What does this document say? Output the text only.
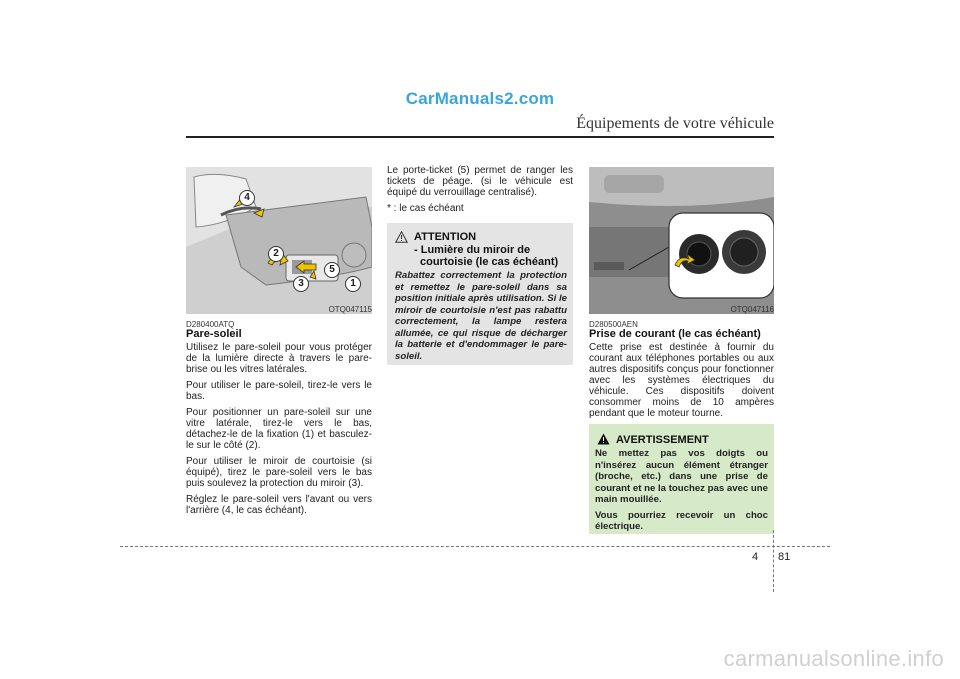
CarManuals2.com
Équipements de votre véhicule
4
2
5
3	1
OTQ047115
D280400ATQ
Pare-soleil

Utilisez le pare-soleil pour vous protéger de la lumière directe à travers le pare-brise ou les vitres latérales.

Pour utiliser le pare-soleil, tirez-le vers le bas.

Pour positionner un pare-soleil sur une vitre latérale, tirez-le vers le bas, détachez-le de la fixation (1) et basculez-le sur le côté (2).

Pour utiliser le miroir de courtoisie (si équipé), tirez le pare-soleil vers le bas puis soulevez la protection du miroir (3).

Réglez le pare-soleil vers l'avant ou vers l'arrière (4, le cas échéant).

Le porte-ticket (5) permet de ranger les tickets de péage. (si le véhicule est équipé du verrouillage centralisé).

* : le cas échéant

ATTENTION
- Lumière du miroir de
courtoisie (le cas échéant)
Rabattez correctement la protection et remettez le pare-soleil dans sa position initiale après utilisation. Si le miroir de courtoisie n'est pas rabattu correctement, la lampe restera allumée, ce qui risque de décharger la batterie et d'endommager le pare-soleil.
OTQ047116
D280500AEN
Prise de courant (le cas échéant)

Cette prise est destinée à fournir du courant aux téléphones portables ou aux autres dispositifs conçus pour fonctionner avec les systèmes électriques du véhicule. Ces dispositifs doivent consommer moins de 10 ampères pendant que le moteur tourne.

AVERTISSEMENT

Ne mettez pas vos doigts ou n'insérez aucun élément étranger (broche, etc.) dans une prise de courant et ne la touchez pas avec une main mouillée.

Vous pourriez recevoir un choc électrique.

4 81
carmanualsonline.info
